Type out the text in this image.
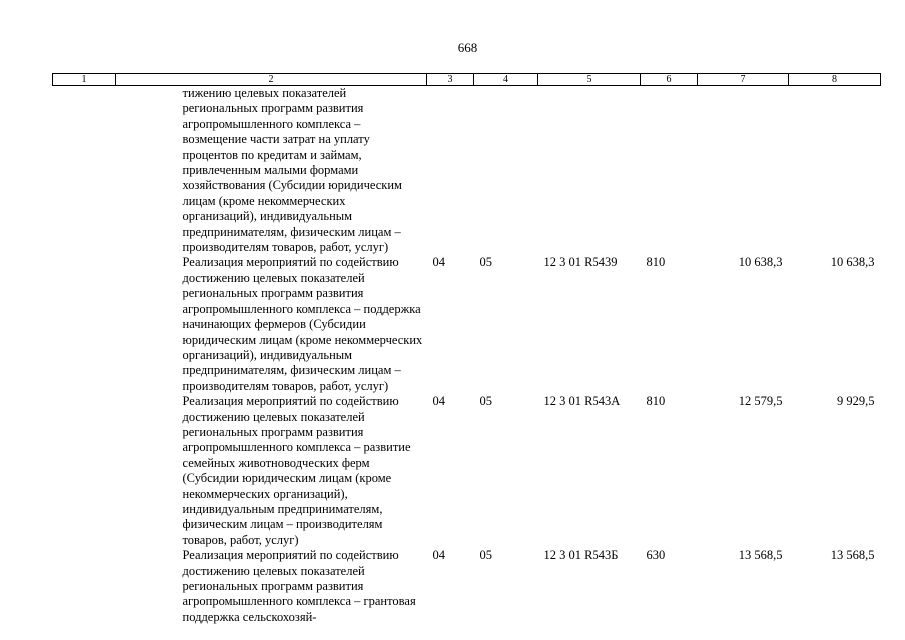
668
1	2	3	4	5	6	7	8
	тижению целевых показателей региональных программ развития агропромышленного комплекса – возмещение части затрат на уплату процентов по кредитам и займам, привлеченным малыми формами хозяйствования (Субсидии юридическим лицам (кроме некоммерческих организаций), индивидуальным предпринимателям, физическим лицам – производителям товаров, работ, услуг)						
	Реализация мероприятий по содействию достижению целевых показателей региональных программ развития агропромышленного комплекса – поддержка начинающих фермеров (Субсидии юридическим лицам (кроме некоммерческих организаций), индивидуальным предпринимателям, физическим лицам – производителям товаров, работ, услуг)	04	05	12 3 01 R5439	810	10 638,3	10 638,3
	Реализация мероприятий по содействию достижению целевых показателей региональных программ развития агропромышленного комплекса – развитие семейных животноводческих ферм (Субсидии юридическим лицам (кроме некоммерческих организаций), индивидуальным предпринимателям, физическим лицам – производителям товаров, работ, услуг)	04	05	12 3 01 R543А	810	12 579,5	9 929,5
	Реализация мероприятий по содействию достижению целевых показателей региональных программ развития агропромышленного комплекса – грантовая поддержка сельскохозяй-	04	05	12 3 01 R543Б	630	13 568,5	13 568,5
